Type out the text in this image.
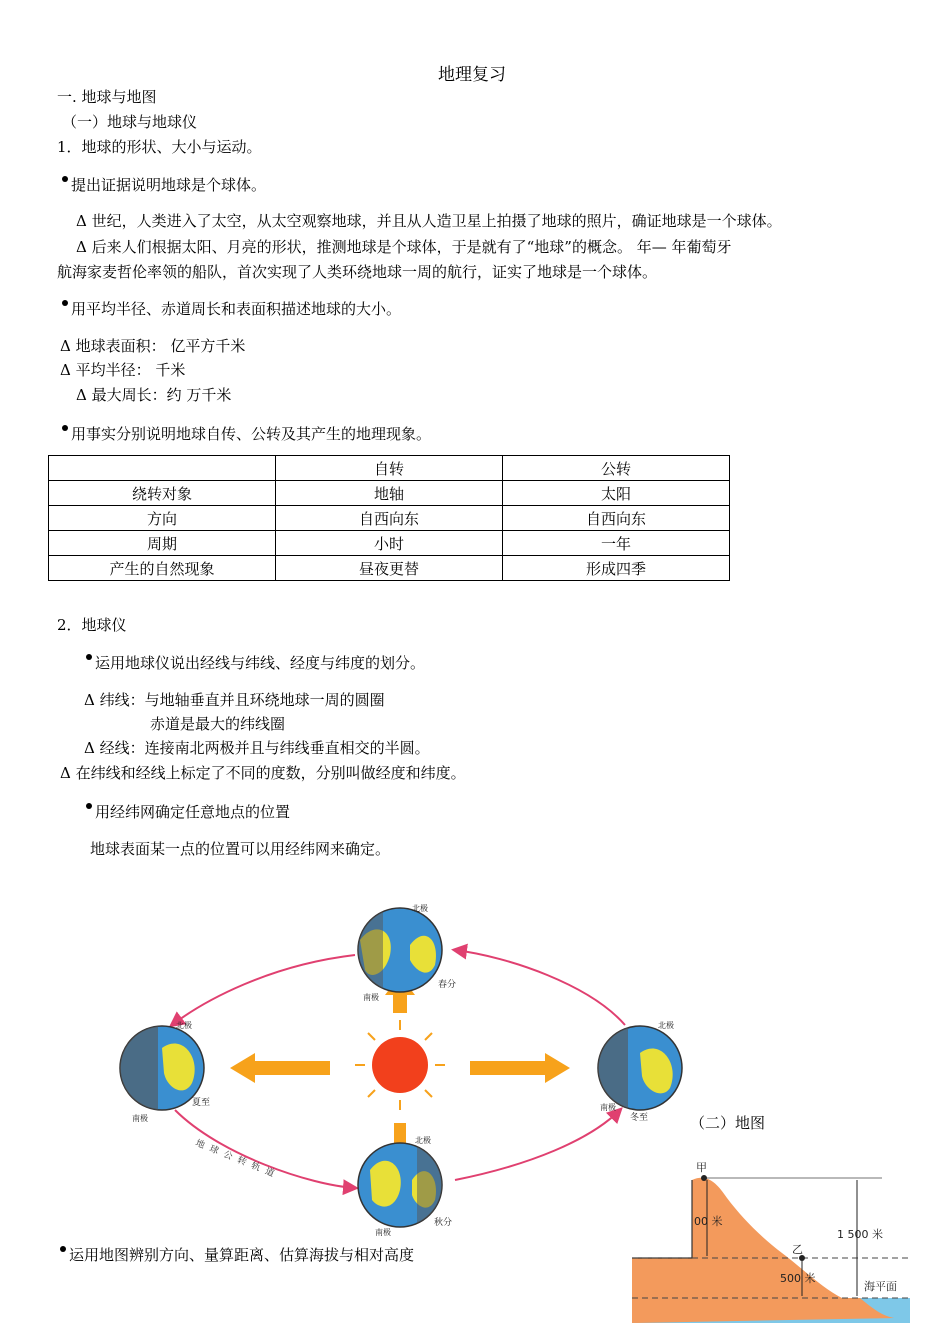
地理复习
一. 地球与地图
（一）地球与地球仪
1．地球的形状、大小与运动。
提出证据说明地球是个球体。
Δ 世纪，人类进入了太空，从太空观察地球，并且从人造卫星上拍摄了地球的照片，确证地球是一个球体。
Δ 后来人们根据太阳、月亮的形状，推测地球是个球体，于是就有了“地球”的概念。 年— 年葡萄牙
航海家麦哲伦率领的船队，首次实现了人类环绕地球一周的航行，证实了地球是一个球体。
用平均半径、赤道周长和表面积描述地球的大小。
Δ 地球表面积： 亿平方千米
Δ 平均半径： 千米
Δ 最大周长：约 万千米
用事实分别说明地球自传、公转及其产生的地理现象。
	自转	公转
绕转对象	地轴	太阳
方向	自西向东	自西向东
周期	小时	一年
产生的自然现象	昼夜更替	形成四季
2．地球仪
运用地球仪说出经线与纬线、经度与纬度的划分。
Δ 纬线：与地轴垂直并且环绕地球一周的圆圈
赤道是最大的纬线圈
Δ 经线：连接南北两极并且与纬线垂直相交的半圆。
Δ 在纬线和经线上标定了不同的度数，分别叫做经度和纬度。
用经纬网确定任意地点的位置
地球表面某一点的位置可以用经纬网来确定。
（二）地图
运用地图辨别方向、量算距离、估算海拔与相对高度
北极
南极
北极
南极
北极
南极
北极
南极
春分
夏至
冬至
秋分
地球公转轨道	甲
乙
00 米
1 500 米
500 米
海平面
